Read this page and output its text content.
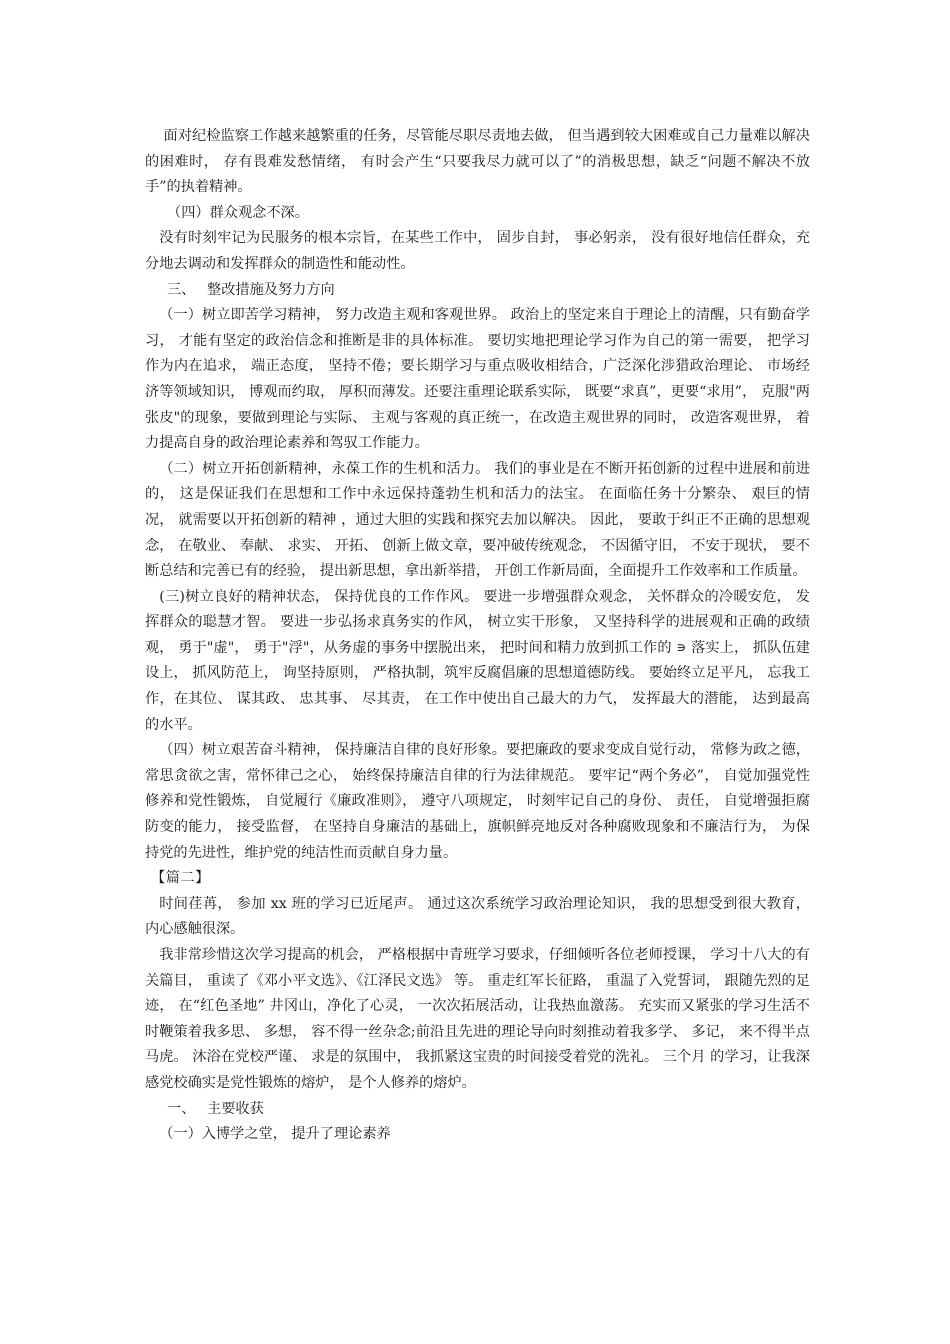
面对纪检监察工作越来越繁重的任务，尽管能尽职尽责地去做， 但当遇到较大困难或自己力量难以解决的困难时， 存有畏难发愁情绪， 有时会产生“只要我尽力就可以了”的消极思想，缺乏“问题不解决不放手”的执着精神。

（四）群众观念不深。

没有时刻牢记为民服务的根本宗旨，在某些工作中， 固步自封， 事必躬亲， 没有很好地信任群众，充分地去调动和发挥群众的制造性和能动性。

三、 整改措施及努力方向

（一）树立即苦学习精神， 努力改造主观和客观世界。 政治上的坚定来自于理论上的清醒，只有勤奋学习， 才能有坚定的政治信念和推断是非的具体标准。 要切实地把理论学习作为自己的第一需要， 把学习作为内在追求， 端正态度， 坚持不倦；要长期学习与重点吸收相结合，广泛深化涉猎政治理论、 市场经济等领域知识， 博观而约取， 厚积而薄发。还要注重理论联系实际， 既要“求真”，更要“求用”， 克服"两张皮"的现象，要做到理论与实际、 主观与客观的真正统一，在改造主观世界的同时， 改造客观世界， 着力提高自身的政治理论素养和驾驭工作能力。

（二）树立开拓创新精神，永葆工作的生机和活力。 我们的事业是在不断开拓创新的过程中进展和前进的， 这是保证我们在思想和工作中永远保持蓬勃生机和活力的法宝。 在面临任务十分繁杂、 艰巨的情况， 就需要以开拓创新的精神 ，通过大胆的实践和探究去加以解决。 因此， 要敢于纠正不正确的思想观念， 在敬业、 奉献、 求实、 开拓、 创新上做文章，要冲破传统观念， 不因循守旧， 不安于现状， 要不断总结和完善已有的经验， 提出新思想，拿出新举措， 开创工作新局面，全面提升工作效率和工作质量。

(三)树立良好的精神状态， 保持优良的工作作风。 要进一步增强群众观念， 关怀群众的冷暖安危， 发挥群众的聪慧才智。 要进一步弘扬求真务实的作风， 树立实干形象， 又坚持科学的进展观和正确的政绩观， 勇于"虚"， 勇于"浮"，从务虚的事务中摆脱出来， 把时间和精力放到抓工作的 ∍ 落实上， 抓队伍建设上， 抓风防范上， 询坚持原则， 严格执制，筑牢反腐倡廉的思想道德防线。 要始终立足平凡， 忘我工作，在其位、 谋其政、 忠其事、 尽其责， 在工作中使出自己最大的力气， 发挥最大的潜能， 达到最高的水平。

（四）树立艰苦奋斗精神， 保持廉洁自律的良好形象。要把廉政的要求变成自觉行动， 常修为政之德， 常思贪欲之害，常怀律己之心， 始终保持廉洁自律的行为法律规范。 要牢记“两个务必”， 自觉加强党性修养和党性锻炼， 自觉履行《廉政准则》， 遵守八项规定， 时刻牢记自己的身份、 责任， 自觉增强拒腐防变的能力， 接受监督， 在坚持自身廉洁的基础上，旗帜鲜亮地反对各种腐败现象和不廉洁行为， 为保持党的先进性，维护党的纯洁性而贡献自身力量。

【篇二】

时间荏苒， 参加 xx 班的学习已近尾声。 通过这次系统学习政治理论知识， 我的思想受到很大教育， 内心感触很深。

我非常珍惜这次学习提高的机会， 严格根据中青班学习要求，仔细倾听各位老师授课， 学习十八大的有关篇目， 重读了《邓小平文选》、《江泽民文选》 等。 重走红军长征路， 重温了入党誓词， 跟随先烈的足迹， 在“红色圣地” 井冈山，净化了心灵， 一次次拓展活动，让我热血激荡。 充实而又紧张的学习生活不时鞭策着我多思、 多想， 容不得一丝杂念;前沿且先进的理论导向时刻推动着我多学、 多记， 来不得半点马虎。 沐浴在党校严谨、 求是的氛围中， 我抓紧这宝贵的时间接受着党的洗礼。 三个月 的学习，让我深感党校确实是党性锻炼的熔炉， 是个人修养的熔炉。

一、 主要收获

（一）入博学之堂， 提升了理论素养
